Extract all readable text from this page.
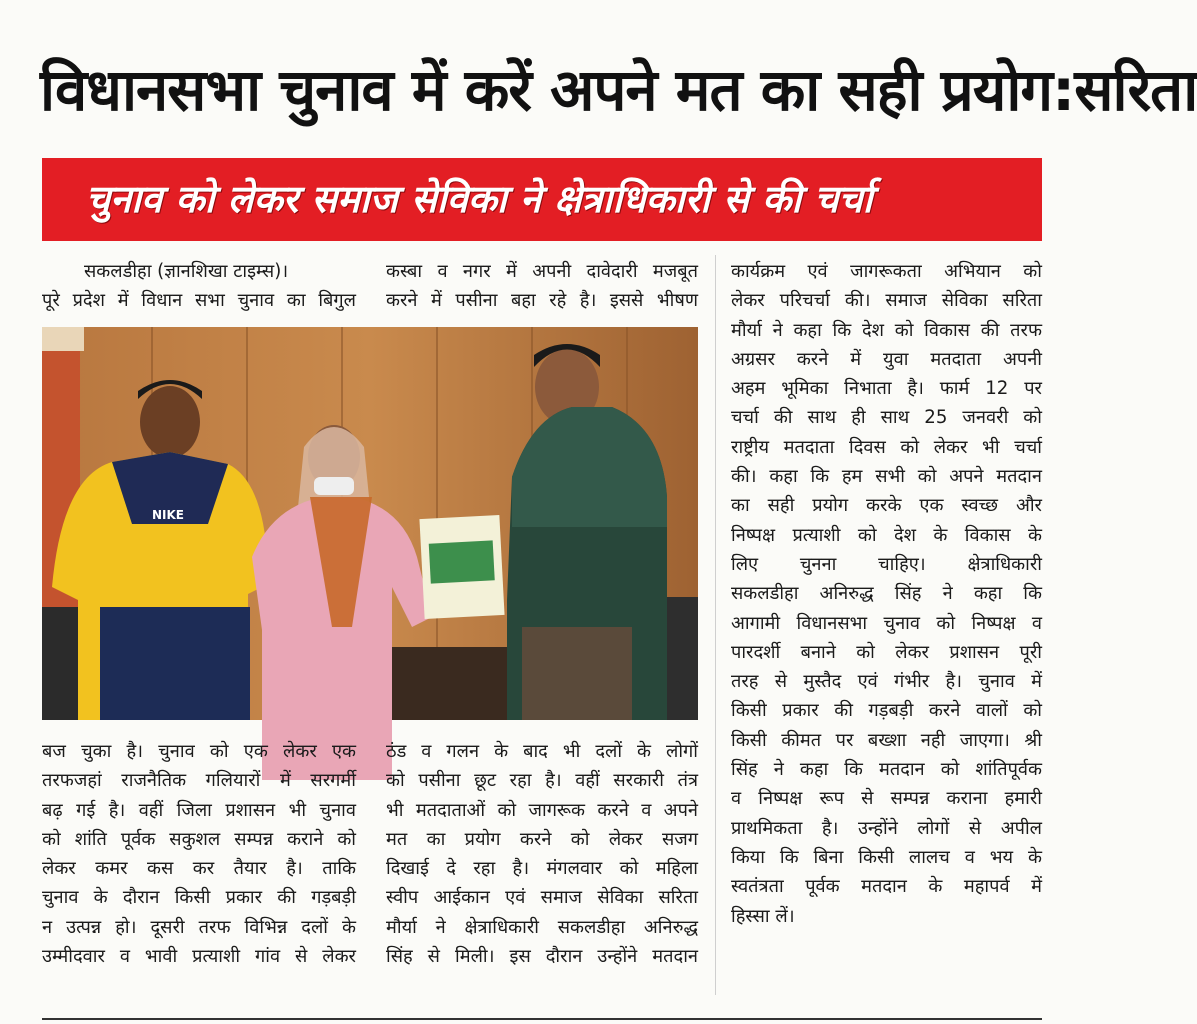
विधानसभा चुनाव में करें अपने मत का सही प्रयोग:सरिता
चुनाव को लेकर समाज सेविका ने क्षेत्राधिकारी से की चर्चा
सकलडीहा (ज्ञानशिखा टाइम्स)।
पूरे प्रदेश में विधान सभा चुनाव का बिगुल
कस्बा व नगर में अपनी दावेदारी मजबूत
करने में पसीना बहा रहे है। इससे भीषण
NIKE
बज चुका है। चुनाव को एक लेकर एक
तरफजहां राजनैतिक गलियारों में सरगर्मी
बढ़ गई है। वहीं जिला प्रशासन भी चुनाव
को शांति पूर्वक सकुशल सम्पन्न कराने को
लेकर कमर कस कर तैयार है। ताकि
चुनाव के दौरान किसी प्रकार की गड़बड़ी
न उत्पन्न हो। दूसरी तरफ विभिन्न दलों के
उम्मीदवार व भावी प्रत्याशी गांव से लेकर
ठंड व गलन के बाद भी दलों के लोगों
को पसीना छूट रहा है। वहीं सरकारी तंत्र
भी मतदाताओं को जागरूक करने व अपने
मत का प्रयोग करने को लेकर सजग
दिखाई दे रहा है। मंगलवार को महिला
स्वीप आईकान एवं समाज सेविका सरिता
मौर्या ने क्षेत्राधिकारी सकलडीहा अनिरुद्ध
सिंह से मिली। इस दौरान उन्होंने मतदान
कार्यक्रम एवं जागरूकता अभियान को
लेकर परिचर्चा की। समाज सेविका सरिता
मौर्या ने कहा कि देश को विकास की तरफ
अग्रसर करने में युवा मतदाता अपनी
अहम भूमिका निभाता है। फार्म 12 पर
चर्चा की साथ ही साथ 25 जनवरी को
राष्ट्रीय मतदाता दिवस को लेकर भी चर्चा
की। कहा कि हम सभी को अपने मतदान
का सही प्रयोग करके एक स्वच्छ और
निष्पक्ष प्रत्याशी को देश के विकास के
लिए चुनना चाहिए। क्षेत्राधिकारी
सकलडीहा अनिरुद्ध सिंह ने कहा कि
आगामी विधानसभा चुनाव को निष्पक्ष व
पारदर्शी बनाने को लेकर प्रशासन पूरी
तरह से मुस्तैद एवं गंभीर है। चुनाव में
किसी प्रकार की गड़बड़ी करने वालों को
किसी कीमत पर बख्शा नही जाएगा। श्री
सिंह ने कहा कि मतदान को शांतिपूर्वक
व निष्पक्ष रूप से सम्पन्न कराना हमारी
प्राथमिकता है। उन्होंने लोगों से अपील
किया कि बिना किसी लालच व भय के
स्वतंत्रता पूर्वक मतदान के महापर्व में
हिस्सा लें।
